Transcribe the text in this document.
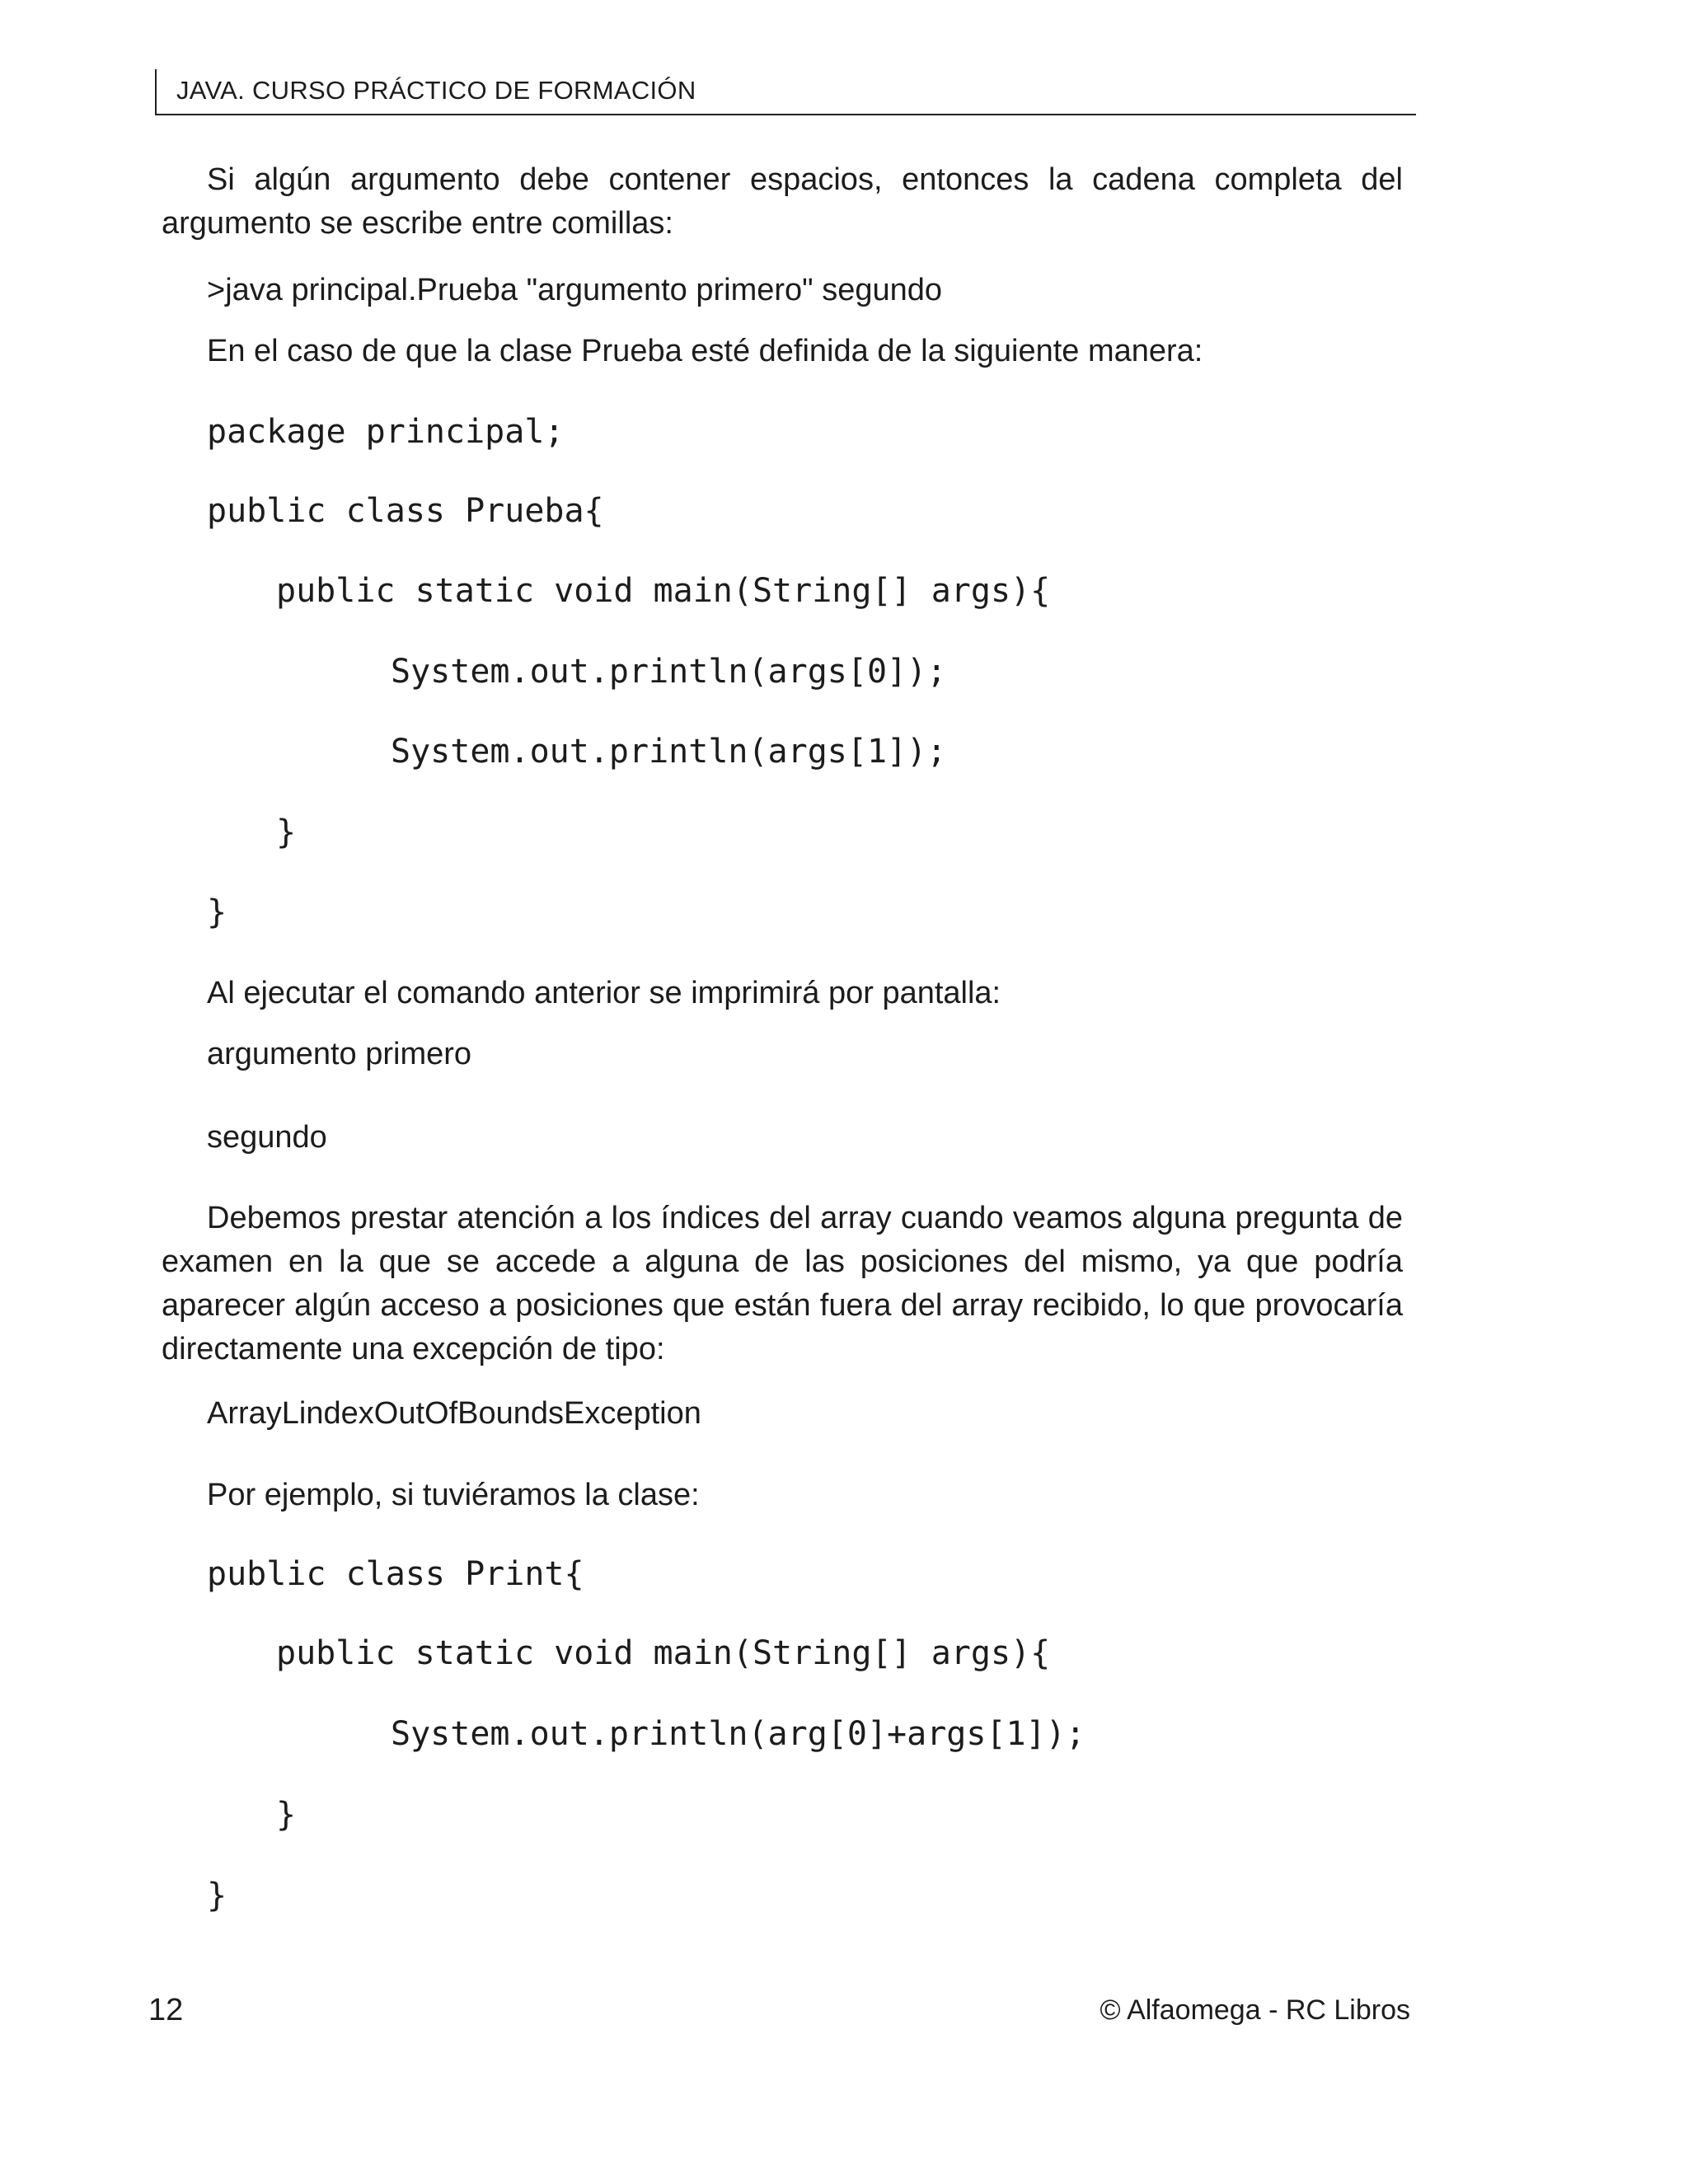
JAVA. CURSO PRÁCTICO DE FORMACIÓN

Si algún argumento debe contener espacios, entonces la cadena completa del argumento se escribe entre comillas:

>java principal.Prueba "argumento primero" segundo
En el caso de que la clase Prueba esté definida de la siguiente manera:
package principal;
public class Prueba{
public static void main(String[] args){
System.out.println(args[0]);
System.out.println(args[1]);
}
}
Al ejecutar el comando anterior se imprimirá por pantalla:
argumento primero
segundo

Debemos prestar atención a los índices del array cuando veamos alguna pregunta de examen en la que se accede a alguna de las posiciones del mismo, ya que podría aparecer algún acceso a posiciones que están fuera del array recibido, lo que provocaría directamente una excepción de tipo:

ArrayLindexOutOfBoundsException
Por ejemplo, si tuviéramos la clase:
public class Print{
public static void main(String[] args){
System.out.println(arg[0]+args[1]);
}
}
12	© Alfaomega - RC Libros
